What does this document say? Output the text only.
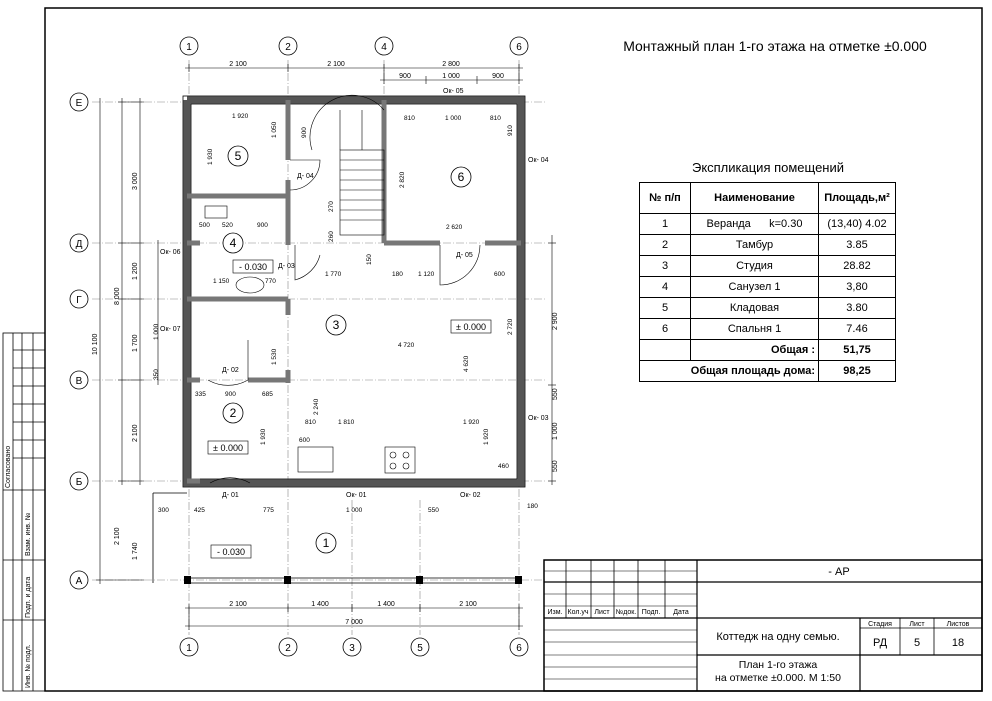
Согласовано
Взам. инв. №
Подп. и дата
Инв. № подл.
1	2	4	6
1	2	3	5	6
Е
Д
Г
В
Б
А
2 100	2 100	2 800
900	1 000	900
2 100	1 400	1 400	2 100
7 000
3 000
1 200
1 700
2 100
2 100
8 000
10 100
1 740
2 900
550
1 000
550
1
2
3
4
5
6
- 0.030
± 0.000
± 0.000
- 0.030
Д- 01
Д- 02
Д- 03
Д- 04
Д- 05
Ок- 01	Ок- 02
Ок- 03
Ок- 04
Ок- 05
Ок- 06
Ок- 07
1 920
1 930
1 050	900
810	1 000	810
2 620
2 820
910
500 520	900
770
1 150
1 770	1 120	600
180
4 720
4 620
2 720
1 530
1 930
1 810	1 920
1 920
2 240
600
810
335	900	685
460
300	425	775	1 000	550
180
150
270
260
350
1 000
Изм. Кол.уч Лист №док. Подп. Дата
Стадия Лист	Листов
- АР
Коттедж на одну семью.	РД 5	18
План 1-го этажа на отметке ±0.000. М 1:50
Монтажный план 1-го этажа на отметке ±0.000
Экспликация помещений
№ п/п	Наименование	Площадь,м²
1	Веранда      k=0.30	(13,40) 4.02
2	Тамбур	3.85
3	Студия	28.82
4	Санузел 1	3,80
5	Кладовая	3.80
6	Спальня 1	7.46
	Общая :	51,75
Общая площадь дома:		98,25
